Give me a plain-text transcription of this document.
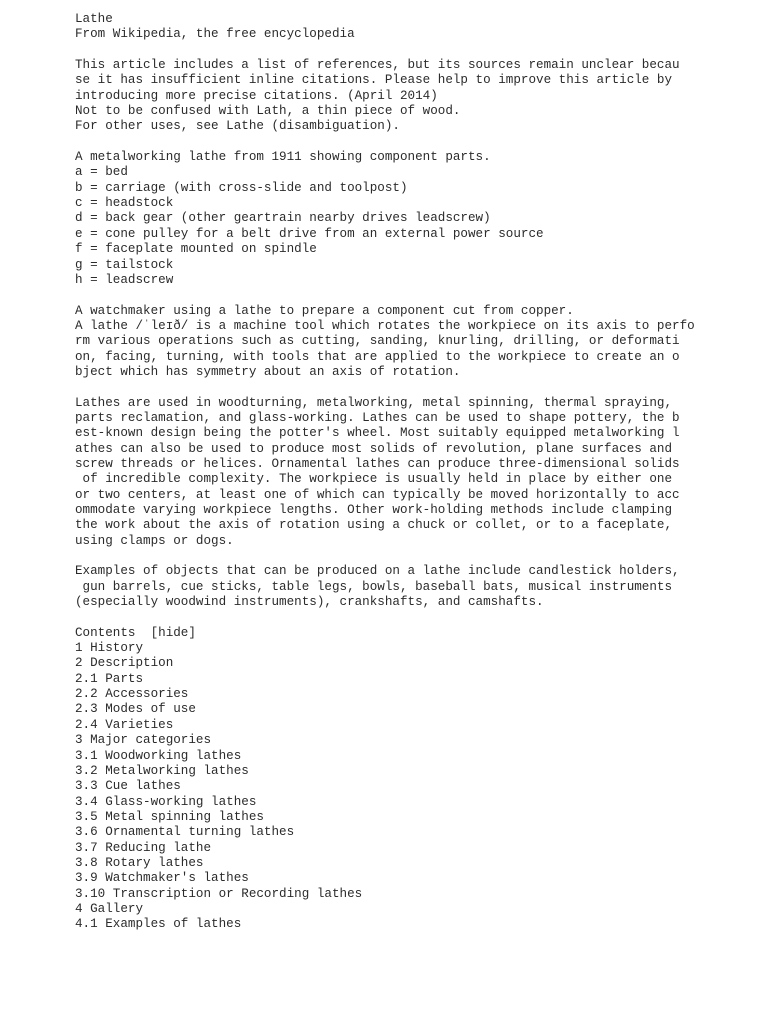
Lathe
From Wikipedia, the free encyclopedia
This article includes a list of references, but its sources remain unclear becau
se it has insufficient inline citations. Please help to improve this article by
introducing more precise citations. (April 2014)
Not to be confused with Lath, a thin piece of wood.
For other uses, see Lathe (disambiguation).
A metalworking lathe from 1911 showing component parts.
a = bed
b = carriage (with cross-slide and toolpost)
c = headstock
d = back gear (other geartrain nearby drives leadscrew)
e = cone pulley for a belt drive from an external power source
f = faceplate mounted on spindle
g = tailstock
h = leadscrew
A watchmaker using a lathe to prepare a component cut from copper.
A lathe /ˈleɪð/ is a machine tool which rotates the workpiece on its axis to perfo
rm various operations such as cutting, sanding, knurling, drilling, or deformati
on, facing, turning, with tools that are applied to the workpiece to create an o
bject which has symmetry about an axis of rotation.
Lathes are used in woodturning, metalworking, metal spinning, thermal spraying,
parts reclamation, and glass-working. Lathes can be used to shape pottery, the b
est-known design being the potter's wheel. Most suitably equipped metalworking l
athes can also be used to produce most solids of revolution, plane surfaces and
screw threads or helices. Ornamental lathes can produce three-dimensional solids
of incredible complexity. The workpiece is usually held in place by either one
or two centers, at least one of which can typically be moved horizontally to acc
ommodate varying workpiece lengths. Other work-holding methods include clamping
the work about the axis of rotation using a chuck or collet, or to a faceplate,
using clamps or dogs.
Examples of objects that can be produced on a lathe include candlestick holders,
gun barrels, cue sticks, table legs, bowls, baseball bats, musical instruments
(especially woodwind instruments), crankshafts, and camshafts.
Contents  [hide]
1 History
2 Description
2.1 Parts
2.2 Accessories
2.3 Modes of use
2.4 Varieties
3 Major categories
3.1 Woodworking lathes
3.2 Metalworking lathes
3.3 Cue lathes
3.4 Glass-working lathes
3.5 Metal spinning lathes
3.6 Ornamental turning lathes
3.7 Reducing lathe
3.8 Rotary lathes
3.9 Watchmaker's lathes
3.10 Transcription or Recording lathes
4 Gallery
4.1 Examples of lathes
